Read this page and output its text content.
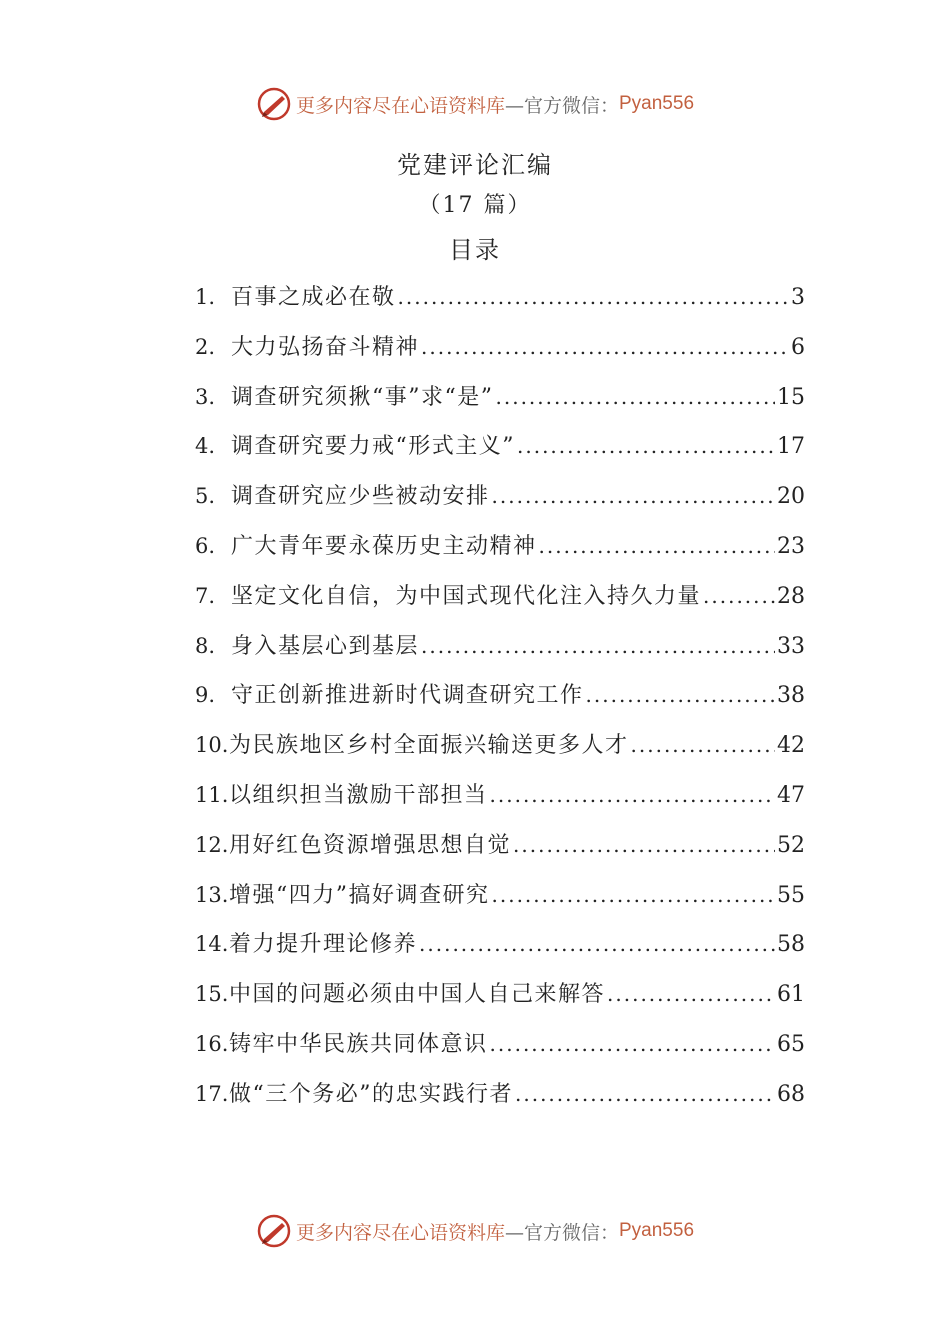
更多内容尽在心语资料库 —官方微信： Pyan556
党建评论汇编
（17 篇）
目录
1. 百事之成必在敬 .....	3
2. 大力弘扬奋斗精神 .....	6
3. 调查研究须揪“事”求“是” .....	15
4. 调查研究要力戒“形式主义” .....	17
5. 调查研究应少些被动安排 .....	20
6. 广大青年要永葆历史主动精神 .....	23
7. 坚定文化自信，为中国式现代化注入持久力量 .....	28
8. 身入基层心到基层 .....	33
9. 守正创新推进新时代调查研究工作 .....	38
10. 为民族地区乡村全面振兴输送更多人才 .....	42
11. 以组织担当激励干部担当 .....	47
12. 用好红色资源增强思想自觉 .....	52
13. 增强“四力”搞好调查研究 .....	55
14. 着力提升理论修养 .....	58
15. 中国的问题必须由中国人自己来解答 .....	61
16. 铸牢中华民族共同体意识 .....	65
17. 做“三个务必”的忠实践行者 .....	68
更多内容尽在心语资料库 —官方微信： Pyan556
